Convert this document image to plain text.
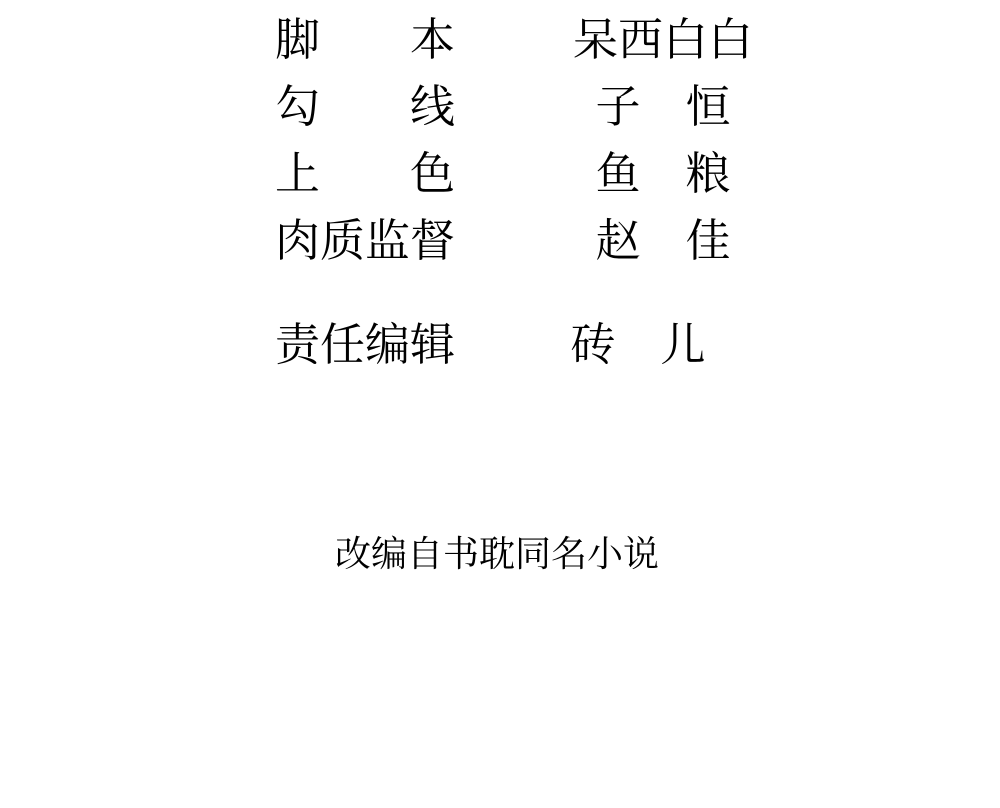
脚　　本	呆西白白
勾　　线	子　恒
上　　色	鱼　粮
肉质监督	赵　佳
责任编辑	砖　儿
改编自书耽同名小说
